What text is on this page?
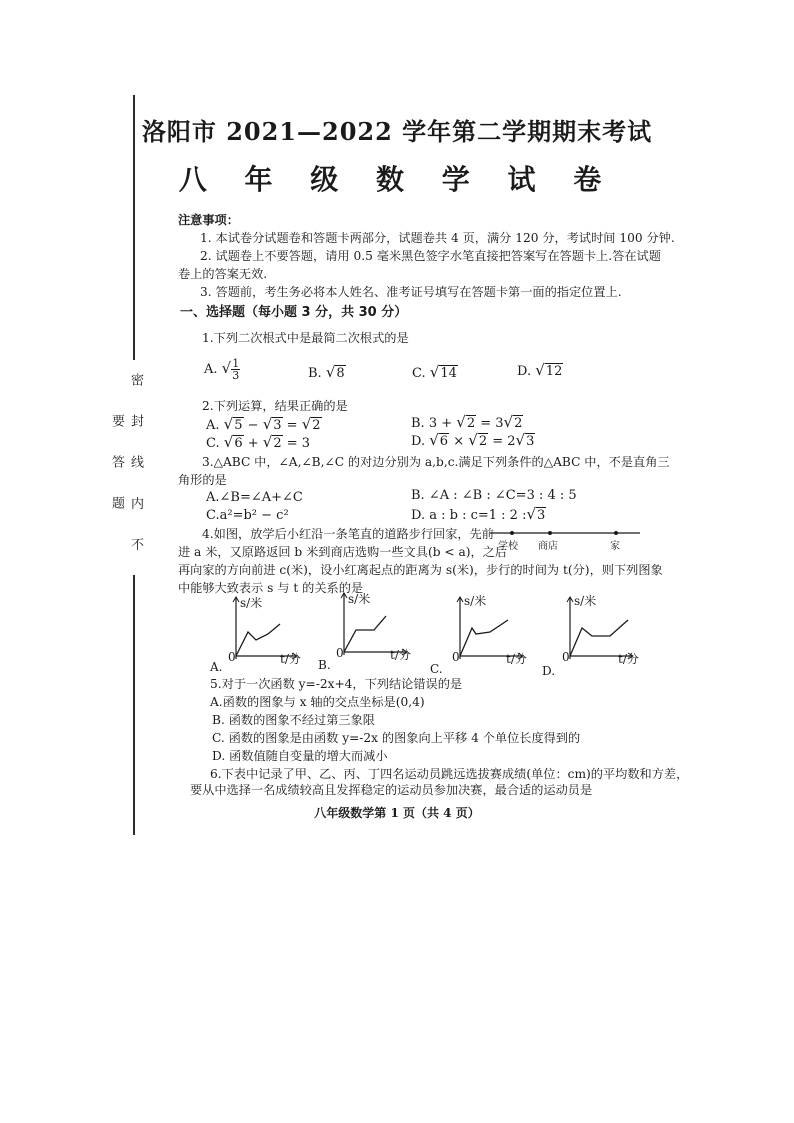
密 封 线 内 不 要 答 题
洛阳市 2021—2022 学年第二学期期末考试
八 年 级 数 学 试 卷
注意事项：
1. 本试卷分试题卷和答题卡两部分，试题卷共 4 页，满分 120 分，考试时间 100 分钟.
2. 试题卷上不要答题，请用 0.5 毫米黑色签字水笔直接把答案写在答题卡上.答在试题
卷上的答案无效.
3. 答题前，考生务必将本人姓名、准考证号填写在答题卡第一面的指定位置上.
一、选择题（每小题 3 分，共 30 分）
1.下列二次根式中是最简二次根式的是
A. √ $\frac{1}{3}$	B. √8	C. √14	D. √12
2.下列运算，结果正确的是
A. √5 − √3 = √2	B. 3 + √2 = 3√2
C. √6 + √2 = 3	D. √6 × √2 = 2√3
3.△ABC 中，∠A,∠B,∠C 的对边分别为 a,b,c.满足下列条件的△ABC 中，不是直角三
角形的是
A.∠B=∠A+∠C	B. ∠A : ∠B : ∠C=3 : 4 : 5
C.a²=b² − c²	D. a : b : c=1 : 2 :√3
4.如图，放学后小红沿一条笔直的道路步行回家，先前
进 a 米，又原路返回 b 米到商店选购一些文具(b < a)，之后
再向家的方向前进 c(米)，设小红离起点的距离为 s(米)，步行的时间为 t(分)，则下列图象
中能够大致表示 s 与 t 的关系的是
学校 商店	家
s/米
t/分
0
A.
s/米
t/分
0
B.
s/米
t/分
0
C.
s/米
t/分
0
D.
5.对于一次函数 y=-2x+4，下列结论错误的是
A.函数的图象与 x 轴的交点坐标是(0,4)
B. 函数的图象不经过第三象限
C. 函数的图象是由函数 y=-2x 的图象向上平移 4 个单位长度得到的
D. 函数值随自变量的增大而减小
6.下表中记录了甲、乙、丙、丁四名运动员跳远选拔赛成绩(单位：cm)的平均数和方差，
要从中选择一名成绩较高且发挥稳定的运动员参加决赛，最合适的运动员是
八年级数学第 1 页（共 4 页）
